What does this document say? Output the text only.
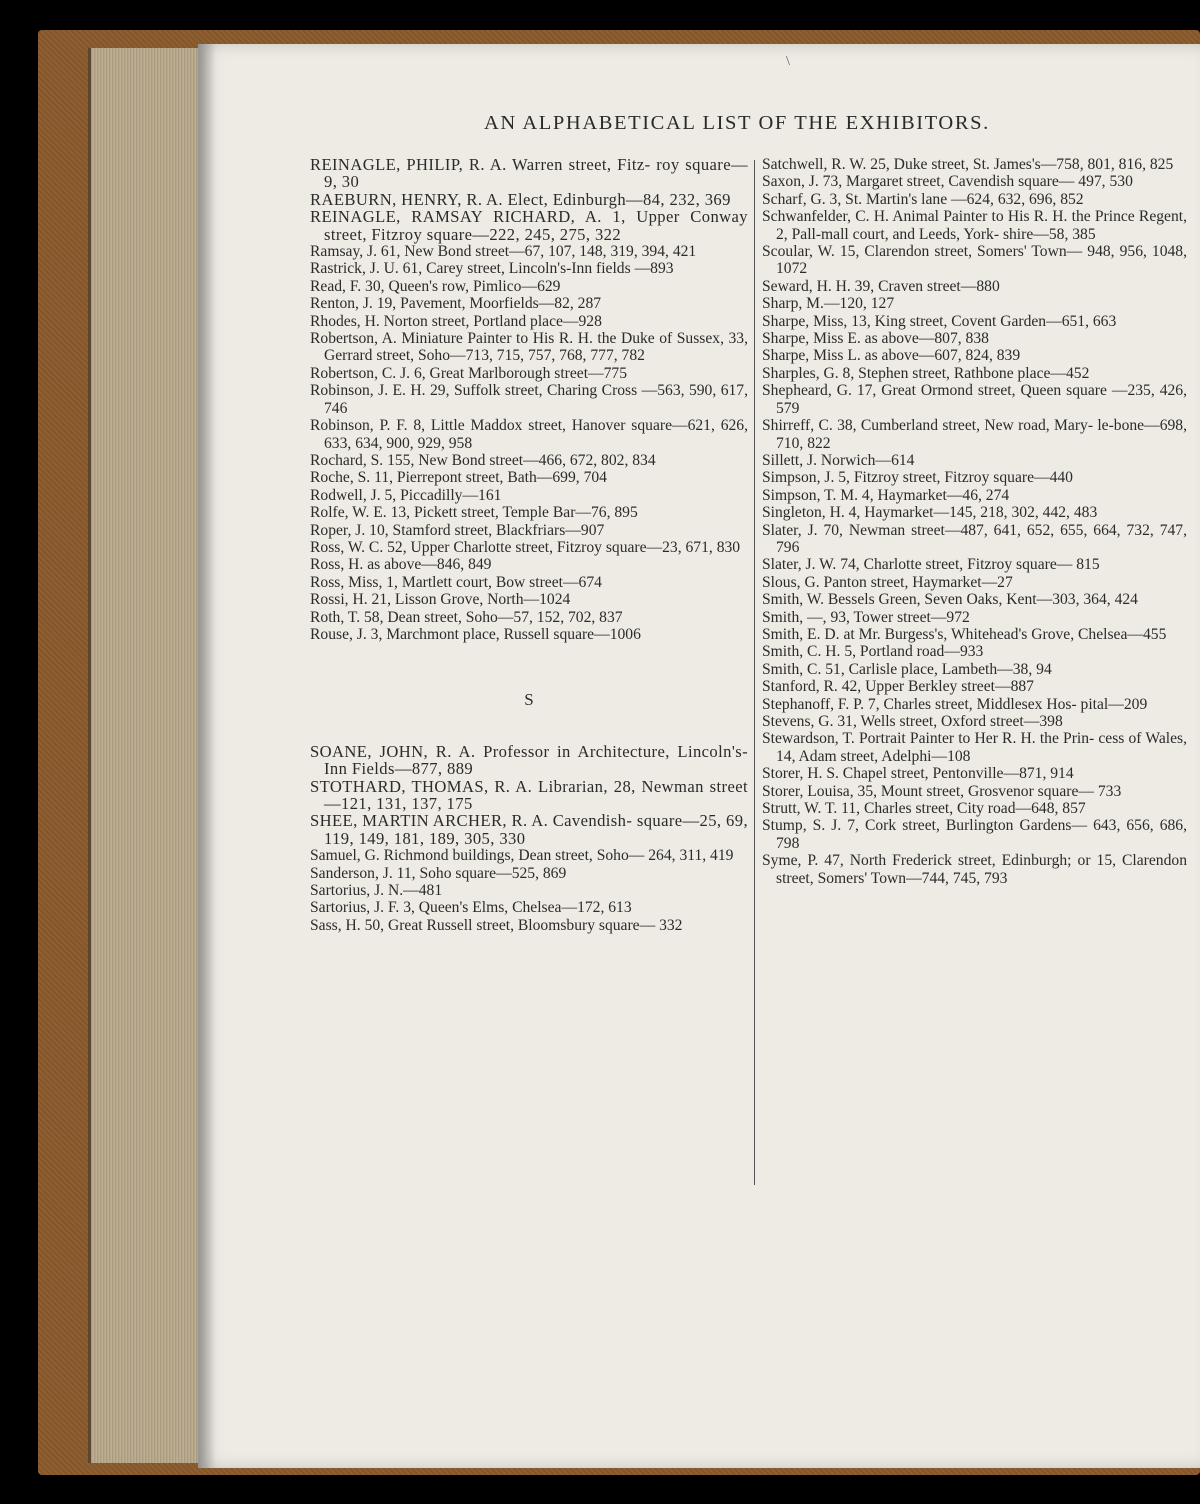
\
AN ALPHABETICAL LIST OF THE EXHIBITORS.
REINAGLE, PHILIP, R. A. Warren street, Fitz- roy square—9, 30
RAEBURN, HENRY, R. A. Elect, Edinburgh—84, 232, 369
REINAGLE, RAMSAY RICHARD, A. 1, Upper Conway street, Fitzroy square—222, 245, 275, 322
Ramsay, J. 61, New Bond street—67, 107, 148, 319, 394, 421
Rastrick, J. U. 61, Carey street, Lincoln's-Inn fields —893
Read, F. 30, Queen's row, Pimlico—629
Renton, J. 19, Pavement, Moorfields—82, 287
Rhodes, H. Norton street, Portland place—928
Robertson, A. Miniature Painter to His R. H. the Duke of Sussex, 33, Gerrard street, Soho—713, 715, 757, 768, 777, 782
Robertson, C. J. 6, Great Marlborough street—775
Robinson, J. E. H. 29, Suffolk street, Charing Cross —563, 590, 617, 746
Robinson, P. F. 8, Little Maddox street, Hanover square—621, 626, 633, 634, 900, 929, 958
Rochard, S. 155, New Bond street—466, 672, 802, 834
Roche, S. 11, Pierrepont street, Bath—699, 704
Rodwell, J. 5, Piccadilly—161
Rolfe, W. E. 13, Pickett street, Temple Bar—76, 895
Roper, J. 10, Stamford street, Blackfriars—907
Ross, W. C. 52, Upper Charlotte street, Fitzroy square—23, 671, 830
Ross, H. as above—846, 849
Ross, Miss, 1, Martlett court, Bow street—674
Rossi, H. 21, Lisson Grove, North—1024
Roth, T. 58, Dean street, Soho—57, 152, 702, 837
Rouse, J. 3, Marchmont place, Russell square—1006
S
SOANE, JOHN, R. A. Professor in Architecture, Lincoln's-Inn Fields—877, 889
STOTHARD, THOMAS, R. A. Librarian, 28, Newman street—121, 131, 137, 175
SHEE, MARTIN ARCHER, R. A. Cavendish- square—25, 69, 119, 149, 181, 189, 305, 330
Samuel, G. Richmond buildings, Dean street, Soho— 264, 311, 419
Sanderson, J. 11, Soho square—525, 869
Sartorius, J. N.—481
Sartorius, J. F. 3, Queen's Elms, Chelsea—172, 613
Sass, H. 50, Great Russell street, Bloomsbury square— 332
Satchwell, R. W. 25, Duke street, St. James's—758, 801, 816, 825
Saxon, J. 73, Margaret street, Cavendish square— 497, 530
Scharf, G. 3, St. Martin's lane —624, 632, 696, 852
Schwanfelder, C. H. Animal Painter to His R. H. the Prince Regent, 2, Pall-mall court, and Leeds, York- shire—58, 385
Scoular, W. 15, Clarendon street, Somers' Town— 948, 956, 1048, 1072
Seward, H. H. 39, Craven street—880
Sharp, M.—120, 127
Sharpe, Miss, 13, King street, Covent Garden—651, 663
Sharpe, Miss E. as above—807, 838
Sharpe, Miss L. as above—607, 824, 839
Sharples, G. 8, Stephen street, Rathbone place—452
Shepheard, G. 17, Great Ormond street, Queen square —235, 426, 579
Shirreff, C. 38, Cumberland street, New road, Mary- le-bone—698, 710, 822
Sillett, J. Norwich—614
Simpson, J. 5, Fitzroy street, Fitzroy square—440
Simpson, T. M. 4, Haymarket—46, 274
Singleton, H. 4, Haymarket—145, 218, 302, 442, 483
Slater, J. 70, Newman street—487, 641, 652, 655, 664, 732, 747, 796
Slater, J. W. 74, Charlotte street, Fitzroy square— 815
Slous, G. Panton street, Haymarket—27
Smith, W. Bessels Green, Seven Oaks, Kent—303, 364, 424
Smith, —, 93, Tower street—972
Smith, E. D. at Mr. Burgess's, Whitehead's Grove, Chelsea—455
Smith, C. H. 5, Portland road—933
Smith, C. 51, Carlisle place, Lambeth—38, 94
Stanford, R. 42, Upper Berkley street—887
Stephanoff, F. P. 7, Charles street, Middlesex Hos- pital—209
Stevens, G. 31, Wells street, Oxford street—398
Stewardson, T. Portrait Painter to Her R. H. the Prin- cess of Wales, 14, Adam street, Adelphi—108
Storer, H. S. Chapel street, Pentonville—871, 914
Storer, Louisa, 35, Mount street, Grosvenor square— 733
Strutt, W. T. 11, Charles street, City road—648, 857
Stump, S. J. 7, Cork street, Burlington Gardens— 643, 656, 686, 798
Syme, P. 47, North Frederick street, Edinburgh; or 15, Clarendon street, Somers' Town—744, 745, 793
